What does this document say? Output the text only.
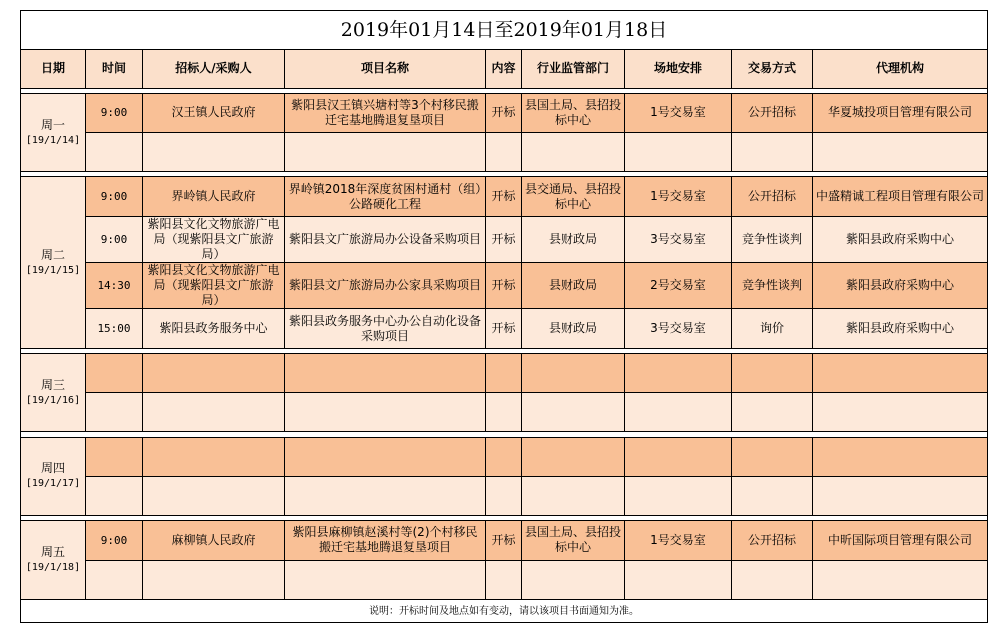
2019年01月14日至2019年01月18日								
日期	时间	招标人/采购人	项目名称	内容	行业监管部门	场地安排	交易方式	代理机构

周一
[19/1/14]	9:00	汉王镇人民政府	紫阳县汉王镇兴塘村等3个村移民搬迁宅基地腾退复垦项目	开标	县国土局、县招投标中心	1号交易室	公开招标	华夏城投项目管理有限公司

周二
[19/1/15]	9:00	界岭镇人民政府	界岭镇2018年深度贫困村通村（组）公路硬化工程	开标	县交通局、县招投标中心	1号交易室	公开招标	中盛精诚工程项目管理有限公司
	9:00	紫阳县文化文物旅游广电局（现紫阳县文广旅游局）	紫阳县文广旅游局办公设备采购项目	开标	县财政局	3号交易室	竞争性谈判	紫阳县政府采购中心
	14:30	紫阳县文化文物旅游广电局（现紫阳县文广旅游局）	紫阳县文广旅游局办公家具采购项目	开标	县财政局	2号交易室	竞争性谈判	紫阳县政府采购中心
	15:00	紫阳县政务服务中心	紫阳县政务服务中心办公自动化设备采购项目	开标	县财政局	3号交易室	询价	紫阳县政府采购中心

周三
[19/1/16]								

周四
[19/1/17]								

周五
[19/1/18]	9:00	麻柳镇人民政府	紫阳县麻柳镇赵溪村等(2)个村移民搬迁宅基地腾退复垦项目	开标	县国土局、县招投标中心	1号交易室	公开招标	中昕国际项目管理有限公司

说明：开标时间及地点如有变动，请以该项目书面通知为准。								
